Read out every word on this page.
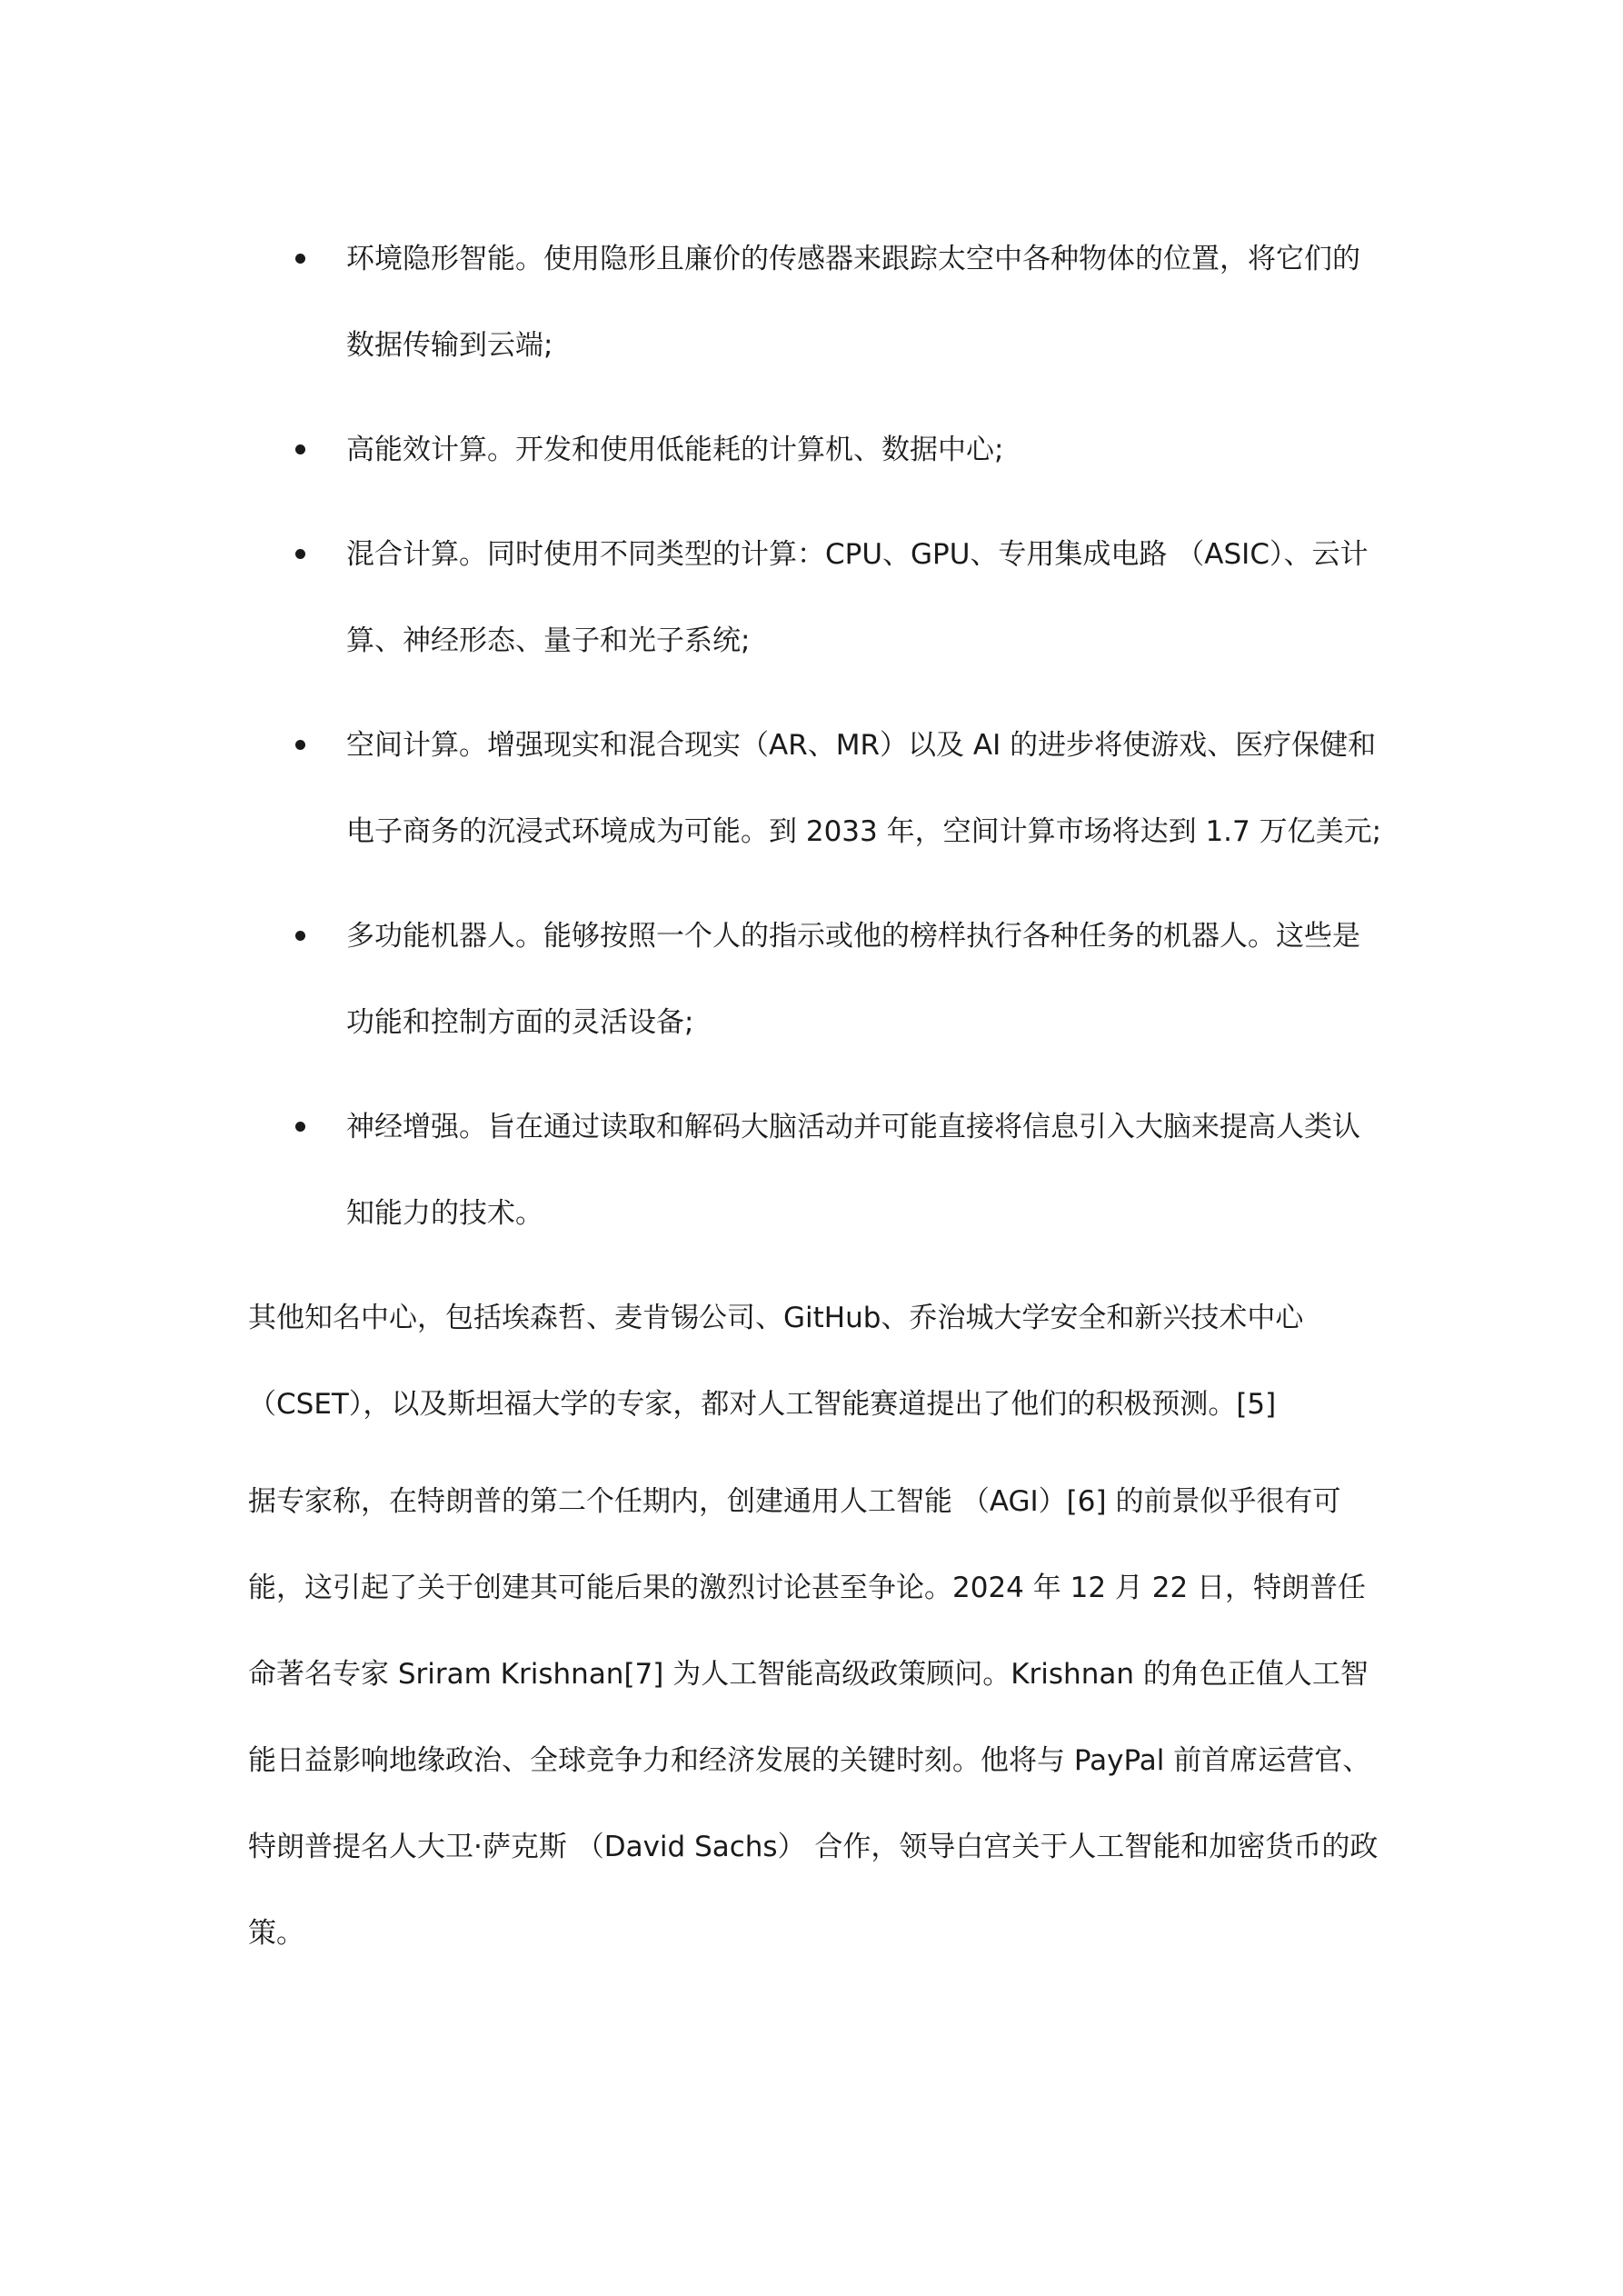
环境隐形智能。使用隐形且廉价的传感器来跟踪太空中各种物体的位置，将它们的数据传输到云端;
高能效计算。开发和使用低能耗的计算机、数据中心;
混合计算。同时使用不同类型的计算：CPU、GPU、专用集成电路 （ASIC）、云计算、神经形态、量子和光子系统;
空间计算。增强现实和混合现实（AR、MR）以及 AI 的进步将使游戏、医疗保健和电子商务的沉浸式环境成为可能。到 2033 年，空间计算市场将达到 1.7 万亿美元;
多功能机器人。能够按照一个人的指示或他的榜样执行各种任务的机器人。这些是功能和控制方面的灵活设备;
神经增强。旨在通过读取和解码大脑活动并可能直接将信息引入大脑来提高人类认知能力的技术。

其他知名中心，包括埃森哲、麦肯锡公司、GitHub、乔治城大学安全和新兴技术中心（CSET），以及斯坦福大学的专家，都对人工智能赛道提出了他们的积极预测。[5]

据专家称，在特朗普的第二个任期内，创建通用人工智能 （AGI）[6] 的前景似乎很有可能，这引起了关于创建其可能后果的激烈讨论甚至争论。2024 年 12 月 22 日，特朗普任命著名专家 Sriram Krishnan[7] 为人工智能高级政策顾问。Krishnan 的角色正值人工智能日益影响地缘政治、全球竞争力和经济发展的关键时刻。他将与 PayPal 前首席运营官、特朗普提名人大卫·萨克斯 （David Sachs） 合作，领导白宫关于人工智能和加密货币的政策。
